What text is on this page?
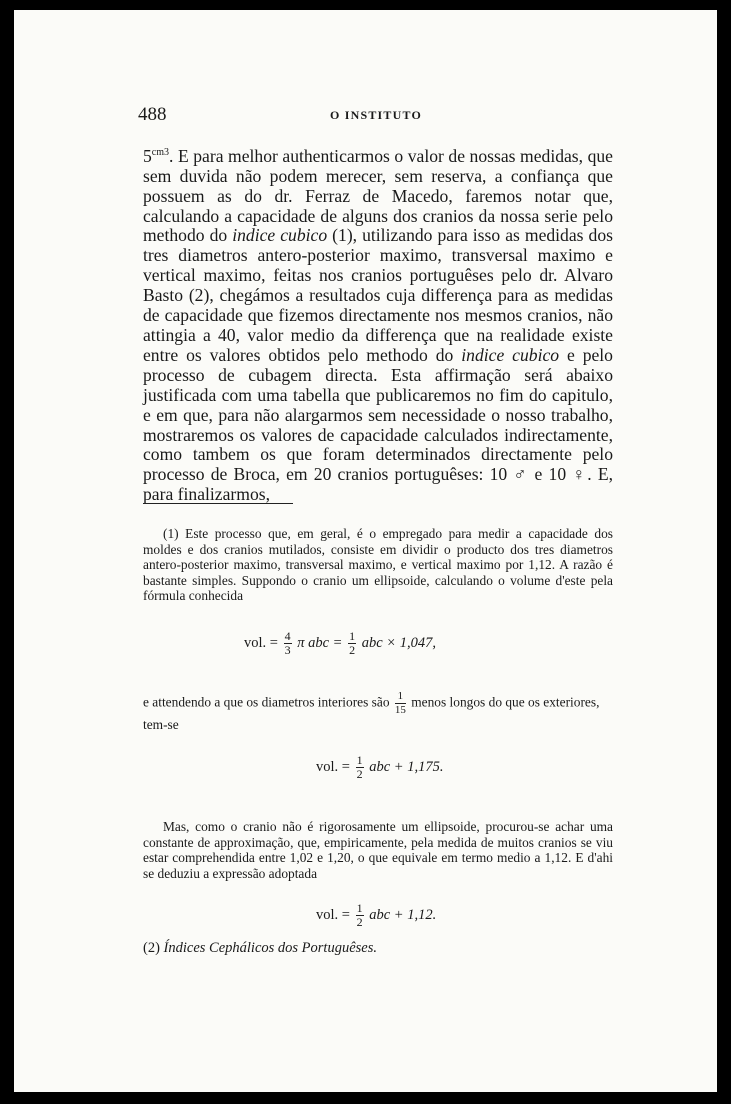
488	O INSTITUTO

$5^{cm3}$. E para melhor authenticarmos o valor de nossas medidas, que sem duvida não podem merecer, sem reserva, a confiança que possuem as do dr. Ferraz de Macedo, faremos notar que, calculando a capacidade de alguns dos cranios da nossa serie pelo methodo do indice cubico (1), utilizando para isso as medidas dos tres diametros antero-posterior maximo, transversal maximo e vertical maximo, feitas nos cranios portuguêses pelo dr. Alvaro Basto (2), chegámos a resultados cuja differença para as medidas de capacidade que fizemos directamente nos mesmos cranios, não attingia a 40, valor medio da differença que na realidade existe entre os valores obtidos pelo methodo do indice cubico e pelo processo de cubagem directa. Esta affirmação será abaixo justificada com uma tabella que publicaremos no fim do capitulo, e em que, para não alargarmos sem necessidade o nosso trabalho, mostraremos os valores de capacidade calculados indirectamente, como tambem os que foram determinados directamente pelo processo de Broca, em 20 cranios portuguêses: 10 ♂ e 10 ♀. E, para finalizarmos,

(1) Este processo que, em geral, é o empregado para medir a capacidade dos moldes e dos cranios mutilados, consiste em dividir o producto dos tres diametros antero-posterior maximo, transversal maximo, e vertical maximo por 1,12. A razão é bastante simples. Suppondo o cranio um ellipsoide, calculando o volume d'este pela fórmula conhecida

vol. = $\frac{4}{3}$ π abc = $\frac{1}{2}$ abc × 1,047,
e attendendo a que os diametros interiores são $\frac{1}{15}$ menos longos do que os exteriores, tem-se
vol. = $\frac{1}{2}$ abc + 1,175.

Mas, como o cranio não é rigorosamente um ellipsoide, procurou-se achar uma constante de approximação, que, empiricamente, pela medida de muitos cranios se viu estar comprehendida entre 1,02 e 1,20, o que equivale em termo medio a 1,12. E d'ahi se deduziu a expressão adoptada

vol. = $\frac{1}{2}$ abc + 1,12.
(2) Índices Cephálicos dos Portuguêses.
